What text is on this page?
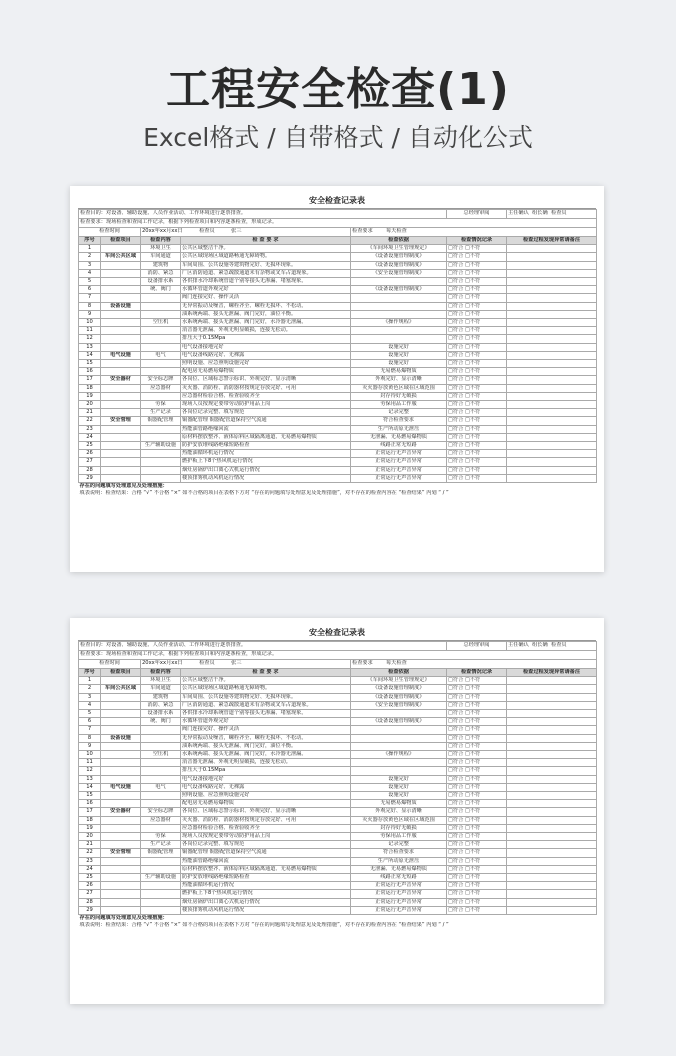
工程安全检查(1)
Excel格式 / 自带格式 / 自动化公式
安全检查记录表
检查目的：对设备、辅助设施、人员作业活动、工作环境进行逐票排查。					总经理审阅	主任确认 组长确 检查员
检查要求：现场检查和查阅工作记录，根据下列检查项目和内容逐条检查，形成记录。						
检查时间		20xx年xx月xx日 检查员 张三		检查要求 每天检查		
序号	检查项目	检查内容	检 查 要 求	检查依据	检查情况记录	检查过程发现异常请备注
1		环境卫生	公共区域整洁干净。	《车间环境卫生管理规定》	□符合 □不符	
2	车间公共区域	车间通道	公共区域现场区域道路畅通无障碍物。	《设备设施管理制度》	□符合 □不符	
3		建筑物	车间周围、公共设施等建筑物完好、无损坏现象。	《设备设施管理制度》	□符合 □不符	
4		消防、紧急	厂区消防通道、紧急疏散通道未有杂物或叉车占道现象。	《安全设施管理制度》	□符合 □不符	
5		设备排水系	各供排水冷却系统管道个别等接头无渗漏、堵塞现象。		□符合 □不符	
6		统、阀门	水循环管道外观完好	《设备设施管理制度》	□符合 □不符	
7			阀门连接完好、操作灵活		□符合 □不符	
8	设备设施		无异常振动及噪音，螺栓齐全、螺栓无损坏、不松动。		□符合 □不符	
9			油系统两端、接头无泄漏、阀门完好，油位平衡。		□符合 □不符	
10		空压机	水系统两端、接头无泄漏、阀门完好，水冷器无泄漏。	《操作规程》	□符合 □不符	
11			消音器无泄漏、外观无明显破损，连接无松动。		□符合 □不符	
12			排压大于0.15Mpa		□符合 □不符	
13			电气设备接地完好	设施完好	□符合 □不符	
14	电气设施	电气	电气设备线路完好、无裸露	设施完好	□符合 □不符	
15			照明设施、应急照明设施完好	设施完好	□符合 □不符	
16			配电房无易燃易爆物质	无易燃易爆物质	□符合 □不符	
17	安全器材	安全标志牌	各岗位、区域标志警示标识、外观完好、显示清晰	外观完好、显示清晰	□符合 □不符	
18		应急器材	灭火器、消防栓、消防器材按规定存放完好、可用	灭火器存放黄色区域在区域范围	□符合 □不符	
19			应急器材检验合格、检查验收齐全	封存待好无破损	□符合 □不符	
20		劳保	现场人员按规定要带劳动防护用品上岗	劳保用品工作服	□符合 □不符	
21		生产记录	各岗位记录完整、填写规范	记录完整	□符合 □不符	
22	安全管理	铜器配管理	铜器配管理 铜器配管道保持空气流通	符合检查要求	□符合 □不符	
23			热能油管路绝缘回流	生产所动原无泄压	□符合 □不符	
24			原材料摆放整齐、液体原料区域隔离通道、无易燃易爆物质	无泄漏、无易燃易爆物质	□符合 □不符	
25		生产辅助设施	防护安放堆线路绝缘短路检查	线路正常无短路	□符合 □不符	
26			热能油循环机运行情况	正常运行无声音异常	□符合 □不符	
27			燃护板上下8个热风机运行情况	正常运行无声音异常	□符合 □不符	
28			烟灶房锅炉出口离心式机运行情况	正常运行无声音异常	□符合 □不符	
29			楼顶排雾机动风机运行情况	正常运行无声音异常	□符合 □不符	
存在的问题填写处理意见及处理措施：						
填表说明：检查结果：合格 “√” 不合格 “×” 如不合格的项目在表格下方对 “存在的问题填写处理意见及处理措施”，对不存在的检查内容在 “检查结果” 内划 “ / ”						
安全检查记录表
检查目的：对设备、辅助设施、人员作业活动、工作环境进行逐票排查。					总经理审阅	主任确认 组长确 检查员
检查要求：现场检查和查阅工作记录，根据下列检查项目和内容逐条检查，形成记录。						
检查时间		20xx年xx月xx日 检查员 张三		检查要求 每天检查		
序号	检查项目	检查内容	检 查 要 求	检查依据	检查情况记录	检查过程发现异常请备注
1		环境卫生	公共区域整洁干净。	《车间环境卫生管理规定》	□符合 □不符	
2	车间公共区域	车间通道	公共区域现场区域道路畅通无障碍物。	《设备设施管理制度》	□符合 □不符	
3		建筑物	车间周围、公共设施等建筑物完好、无损坏现象。	《设备设施管理制度》	□符合 □不符	
4		消防、紧急	厂区消防通道、紧急疏散通道未有杂物或叉车占道现象。	《安全设施管理制度》	□符合 □不符	
5		设备排水系	各供排水冷却系统管道个别等接头无渗漏、堵塞现象。		□符合 □不符	
6		统、阀门	水循环管道外观完好	《设备设施管理制度》	□符合 □不符	
7			阀门连接完好、操作灵活		□符合 □不符	
8	设备设施		无异常振动及噪音，螺栓齐全、螺栓无损坏、不松动。		□符合 □不符	
9			油系统两端、接头无泄漏、阀门完好，油位平衡。		□符合 □不符	
10		空压机	水系统两端、接头无泄漏、阀门完好，水冷器无泄漏。	《操作规程》	□符合 □不符	
11			消音器无泄漏、外观无明显破损，连接无松动。		□符合 □不符	
12			排压大于0.15Mpa		□符合 □不符	
13			电气设备接地完好	设施完好	□符合 □不符	
14	电气设施	电气	电气设备线路完好、无裸露	设施完好	□符合 □不符	
15			照明设施、应急照明设施完好	设施完好	□符合 □不符	
16			配电房无易燃易爆物质	无易燃易爆物质	□符合 □不符	
17	安全器材	安全标志牌	各岗位、区域标志警示标识、外观完好、显示清晰	外观完好、显示清晰	□符合 □不符	
18		应急器材	灭火器、消防栓、消防器材按规定存放完好、可用	灭火器存放黄色区域在区域范围	□符合 □不符	
19			应急器材检验合格、检查验收齐全	封存待好无破损	□符合 □不符	
20		劳保	现场人员按规定要带劳动防护用品上岗	劳保用品工作服	□符合 □不符	
21		生产记录	各岗位记录完整、填写规范	记录完整	□符合 □不符	
22	安全管理	铜器配管理	铜器配管理 铜器配管道保持空气流通	符合检查要求	□符合 □不符	
23			热能油管路绝缘回流	生产所动原无泄压	□符合 □不符	
24			原材料摆放整齐、液体原料区域隔离通道、无易燃易爆物质	无泄漏、无易燃易爆物质	□符合 □不符	
25		生产辅助设施	防护安放堆线路绝缘短路检查	线路正常无短路	□符合 □不符	
26			热能油循环机运行情况	正常运行无声音异常	□符合 □不符	
27			燃护板上下8个热风机运行情况	正常运行无声音异常	□符合 □不符	
28			烟灶房锅炉出口离心式机运行情况	正常运行无声音异常	□符合 □不符	
29			楼顶排雾机动风机运行情况	正常运行无声音异常	□符合 □不符	
存在的问题填写处理意见及处理措施：						
填表说明：检查结果：合格 “√” 不合格 “×” 如不合格的项目在表格下方对 “存在的问题填写处理意见及处理措施”，对不存在的检查内容在 “检查结果” 内划 “ / ”						
